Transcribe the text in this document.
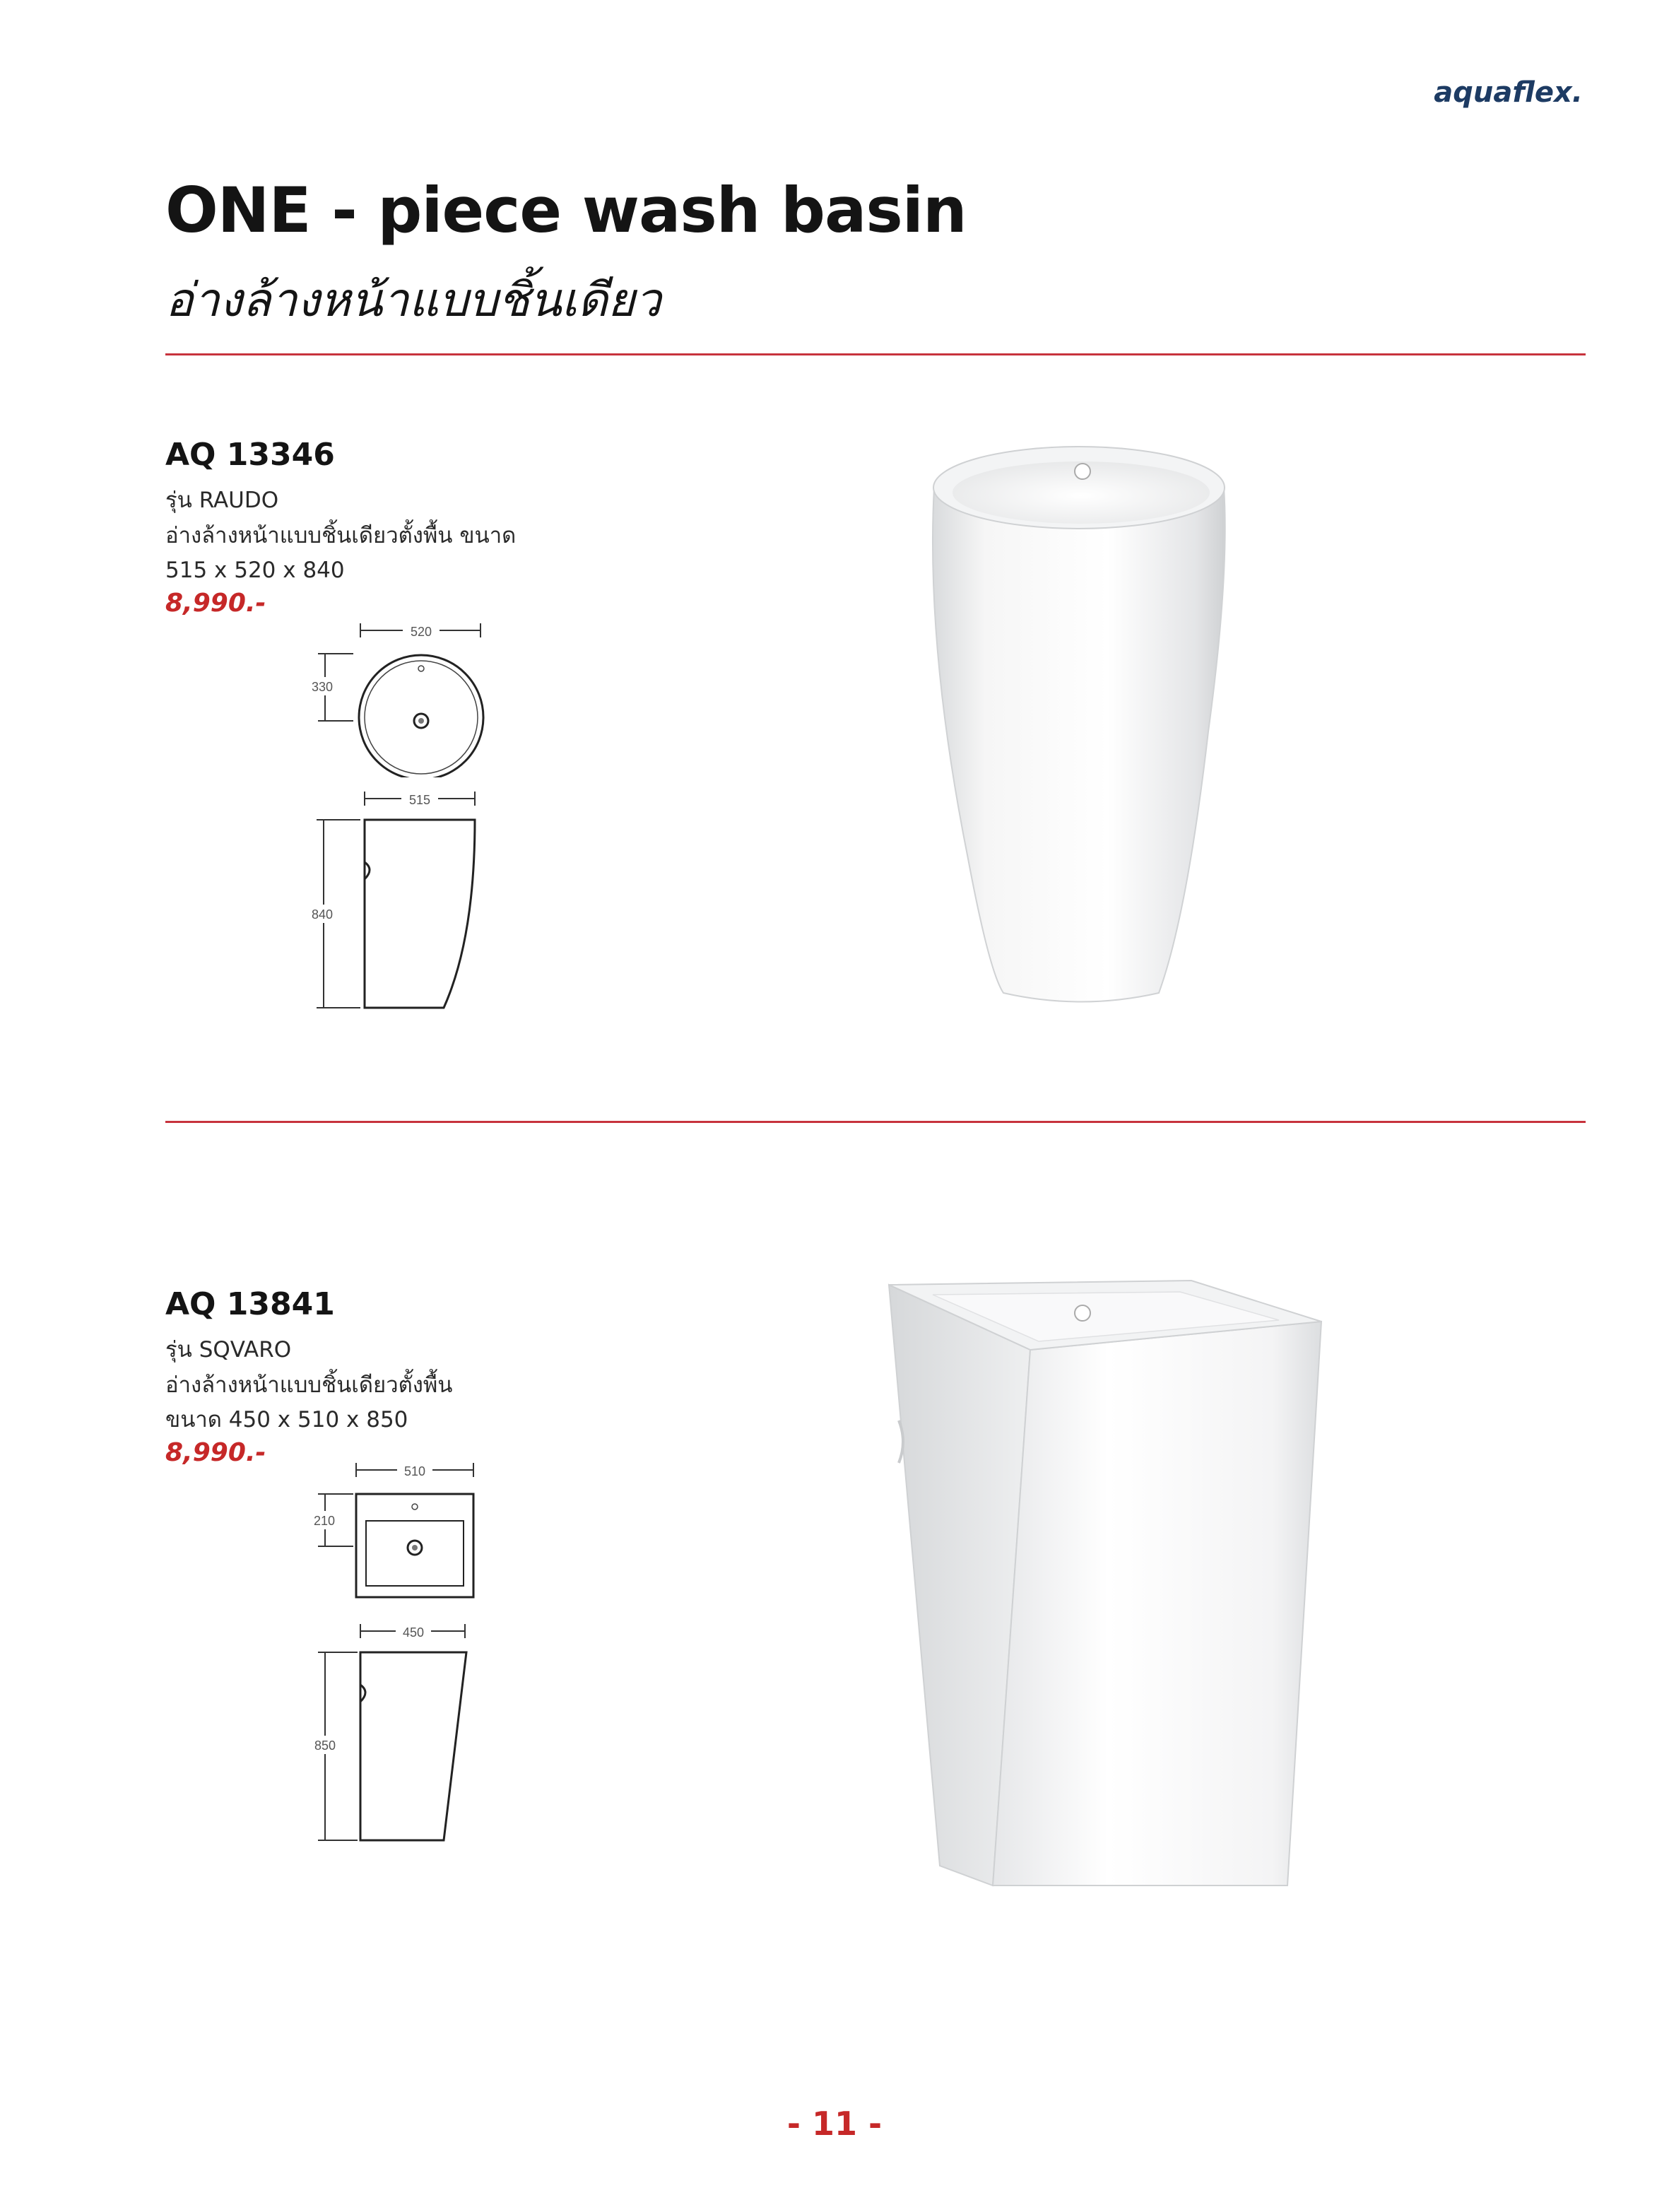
aquaflex.
ONE - piece wash basin
อ่างล้างหน้าแบบชิ้นเดียว
AQ 13346
รุ่น RAUDO
อ่างล้างหน้าแบบชิ้นเดียวตั้งพื้น ขนาด
515 x 520 x 840
8,990.-
520
330
515
840
AQ 13841
รุ่น SQVARO
อ่างล้างหน้าแบบชิ้นเดียวตั้งพื้น
ขนาด 450 x 510 x 850
8,990.-
510
210
450
850
- 11 -
